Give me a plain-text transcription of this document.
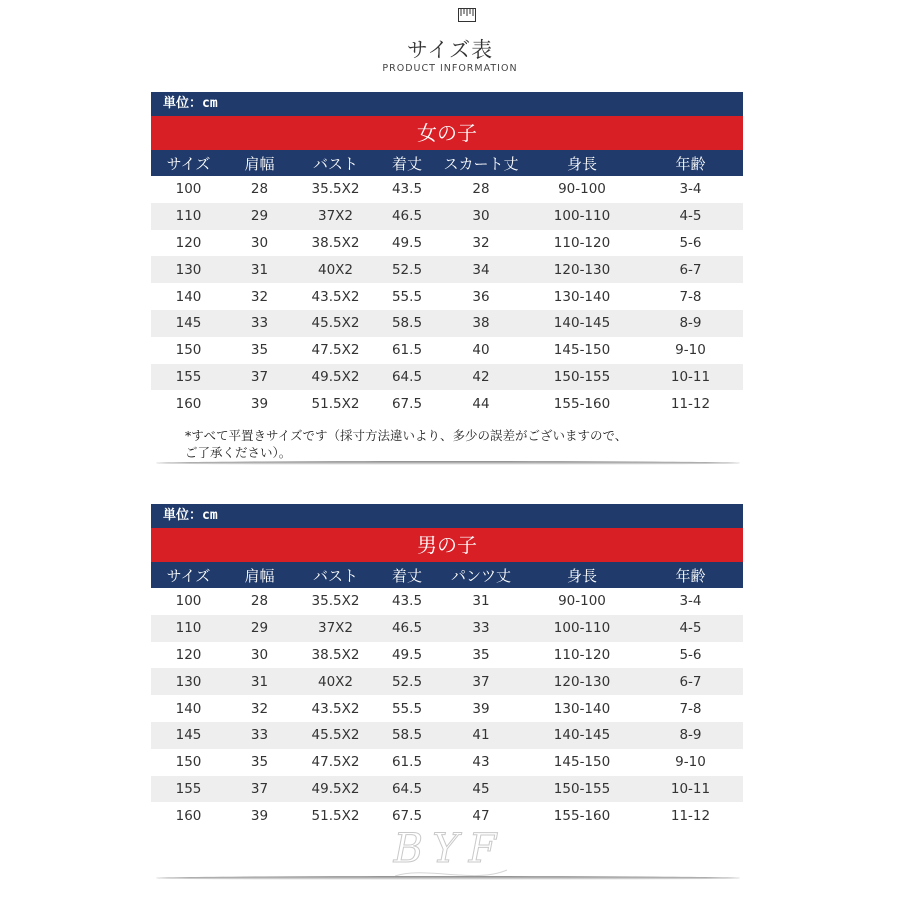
サイズ表
PRODUCT INFORMATION
単位：cm
女の子
サイズ	肩幅	バスト	着丈	スカート丈	身長	年齢
100	28	35.5X2	43.5	28	90-100	3-4
110	29	37X2	46.5	30	100-110	4-5
120	30	38.5X2	49.5	32	110-120	5-6
130	31	40X2	52.5	34	120-130	6-7
140	32	43.5X2	55.5	36	130-140	7-8
145	33	45.5X2	58.5	38	140-145	8-9
150	35	47.5X2	61.5	40	145-150	9-10
155	37	49.5X2	64.5	42	150-155	10-11
160	39	51.5X2	67.5	44	155-160	11-12
*すべて平置きサイズです（採寸方法違いより、多少の誤差がございますので、
ご了承ください）。
単位：cm
男の子
サイズ	肩幅	バスト	着丈	パンツ丈	身長	年齢
100	28	35.5X2	43.5	31	90-100	3-4
110	29	37X2	46.5	33	100-110	4-5
120	30	38.5X2	49.5	35	110-120	5-6
130	31	40X2	52.5	37	120-130	6-7
140	32	43.5X2	55.5	39	130-140	7-8
145	33	45.5X2	58.5	41	140-145	8-9
150	35	47.5X2	61.5	43	145-150	9-10
155	37	49.5X2	64.5	45	150-155	10-11
160	39	51.5X2	67.5	47	155-160	11-12
BYF
